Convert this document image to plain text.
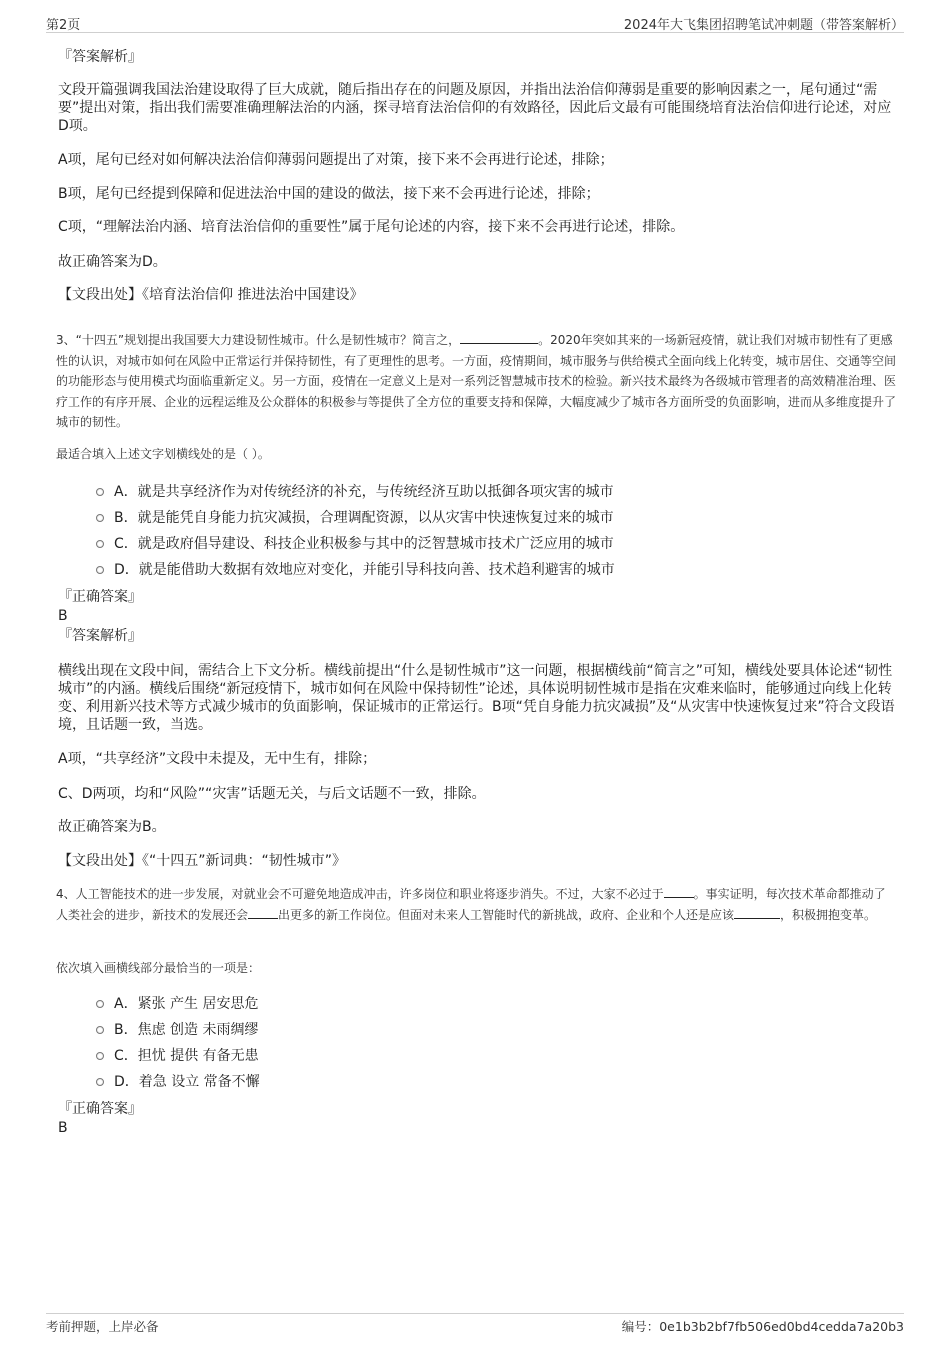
第2页	2024年大飞集团招聘笔试冲刺题（带答案解析）
『答案解析』
文段开篇强调我国法治建设取得了巨大成就，随后指出存在的问题及原因，并指出法治信仰薄弱是重要的影响因素之一，尾句通过“需要”提出对策，指出我们需要准确理解法治的内涵，探寻培育法治信仰的有效路径，因此后文最有可能围绕培育法治信仰进行论述，对应D项。
A项，尾句已经对如何解决法治信仰薄弱问题提出了对策，接下来不会再进行论述，排除；
B项，尾句已经提到保障和促进法治中国的建设的做法，接下来不会再进行论述，排除；
C项，“理解法治内涵、培育法治信仰的重要性”属于尾句论述的内容，接下来不会再进行论述，排除。
故正确答案为D。
【文段出处】《培育法治信仰 推进法治中国建设》
3、“十四五”规划提出我国要大力建设韧性城市。什么是韧性城市？简言之，	。2020年突如其来的一场新冠疫情，就让我们对城市韧性有了更感性的认识，对城市如何在风险中正常运行并保持韧性，有了更理性的思考。一方面，疫情期间，城市服务与供给模式全面向线上化转变，城市居住、交通等空间的功能形态与使用模式均面临重新定义。另一方面，疫情在一定意义上是对一系列泛智慧城市技术的检验。新兴技术最终为各级城市管理者的高效精准治理、医疗工作的有序开展、企业的远程运维及公众群体的积极参与等提供了全方位的重要支持和保障，大幅度减少了城市各方面所受的负面影响，进而从多维度提升了城市的韧性。
最适合填入上述文字划横线处的是（ ）。
A．就是共享经济作为对传统经济的补充，与传统经济互助以抵御各项灾害的城市
B．就是能凭自身能力抗灾减损，合理调配资源，以从灾害中快速恢复过来的城市
C．就是政府倡导建设、科技企业积极参与其中的泛智慧城市技术广泛应用的城市
D．就是能借助大数据有效地应对变化，并能引导科技向善、技术趋利避害的城市
『正确答案』
B
『答案解析』
横线出现在文段中间，需结合上下文分析。横线前提出“什么是韧性城市”这一问题，根据横线前“简言之”可知，横线处要具体论述“韧性城市”的内涵。横线后围绕“新冠疫情下，城市如何在风险中保持韧性”论述，具体说明韧性城市是指在灾难来临时，能够通过向线上化转变、利用新兴技术等方式减少城市的负面影响，保证城市的正常运行。B项“凭自身能力抗灾减损”及“从灾害中快速恢复过来”符合文段语境，且话题一致，当选。
A项，“共享经济”文段中未提及，无中生有，排除；
C、D两项，均和“风险”“灾害”话题无关，与后文话题不一致，排除。
故正确答案为B。
【文段出处】《“十四五”新词典：“韧性城市”》
4、人工智能技术的进一步发展，对就业会不可避免地造成冲击，许多岗位和职业将逐步消失。不过，大家不必过于	。事实证明，每次技术革命都推动了人类社会的进步，新技术的发展还会	出更多的新工作岗位。但面对未来人工智能时代的新挑战，政府、企业和个人还是应该	，积极拥抱变革。
依次填入画横线部分最恰当的一项是：
A．紧张 产生 居安思危
B．焦虑 创造 未雨绸缪
C．担忧 提供 有备无患
D．着急 设立 常备不懈
『正确答案』
B
考前押题，上岸必备	编号：0e1b3b2bf7fb506ed0bd4cedda7a20b3
